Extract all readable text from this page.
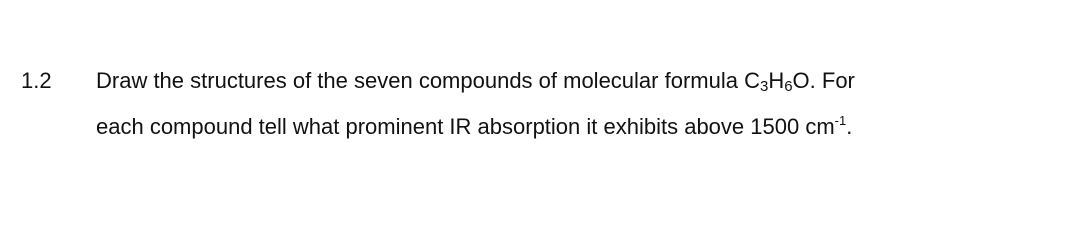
1.2 Draw the structures of the seven compounds of molecular formula $C_3H_6O$. For
each compound tell what prominent IR absorption it exhibits above 1500 $cm^{-1}$.
